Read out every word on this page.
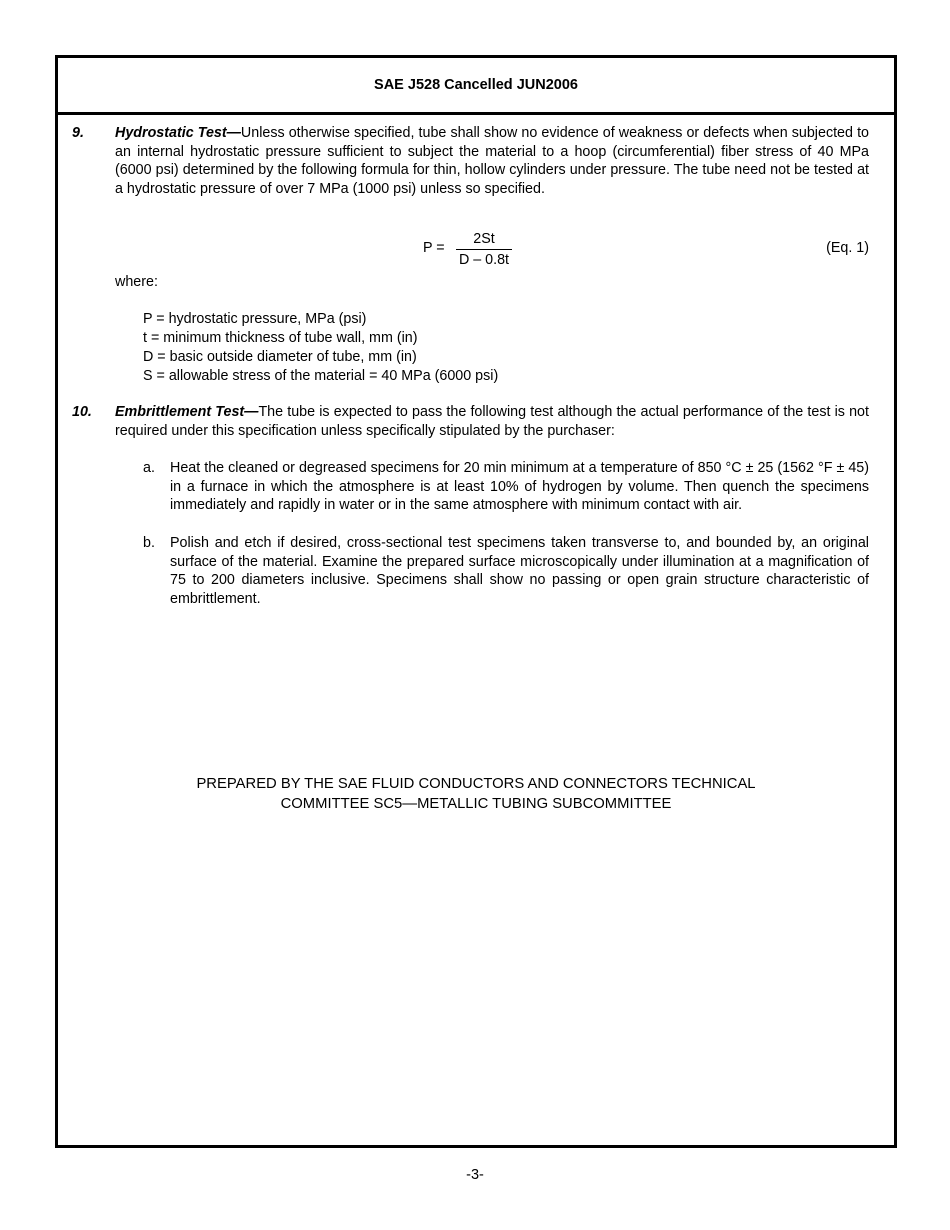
SAE J528 Cancelled JUN2006
9. Hydrostatic Test—Unless otherwise specified, tube shall show no evidence of weakness or defects when subjected to an internal hydrostatic pressure sufficient to subject the material to a hoop (circumferential) fiber stress of 40 MPa (6000 psi) determined by the following formula for thin, hollow cylinders under pressure. The tube need not be tested at a hydrostatic pressure of over 7 MPa (1000 psi) unless so specified.
P =
2St
D – 0.8t
(Eq. 1)
where:
P = hydrostatic pressure, MPa (psi)
t = minimum thickness of tube wall, mm (in)
D = basic outside diameter of tube, mm (in)
S = allowable stress of the material = 40 MPa (6000 psi)
10. Embrittlement Test—The tube is expected to pass the following test although the actual performance of the test is not required under this specification unless specifically stipulated by the purchaser:
a. Heat the cleaned or degreased specimens for 20 min minimum at a temperature of 850 °C ± 25 (1562 °F ± 45) in a furnace in which the atmosphere is at least 10% of hydrogen by volume. Then quench the specimens immediately and rapidly in water or in the same atmosphere with minimum contact with air.
b. Polish and etch if desired, cross-sectional test specimens taken transverse to, and bounded by, an original surface of the material. Examine the prepared surface microscopically under illumination at a magnification of 75 to 200 diameters inclusive. Specimens shall show no passing or open grain structure characteristic of embrittlement.
PREPARED BY THE SAE FLUID CONDUCTORS AND CONNECTORS TECHNICAL
COMMITTEE SC5—METALLIC TUBING SUBCOMMITTEE
-3-
